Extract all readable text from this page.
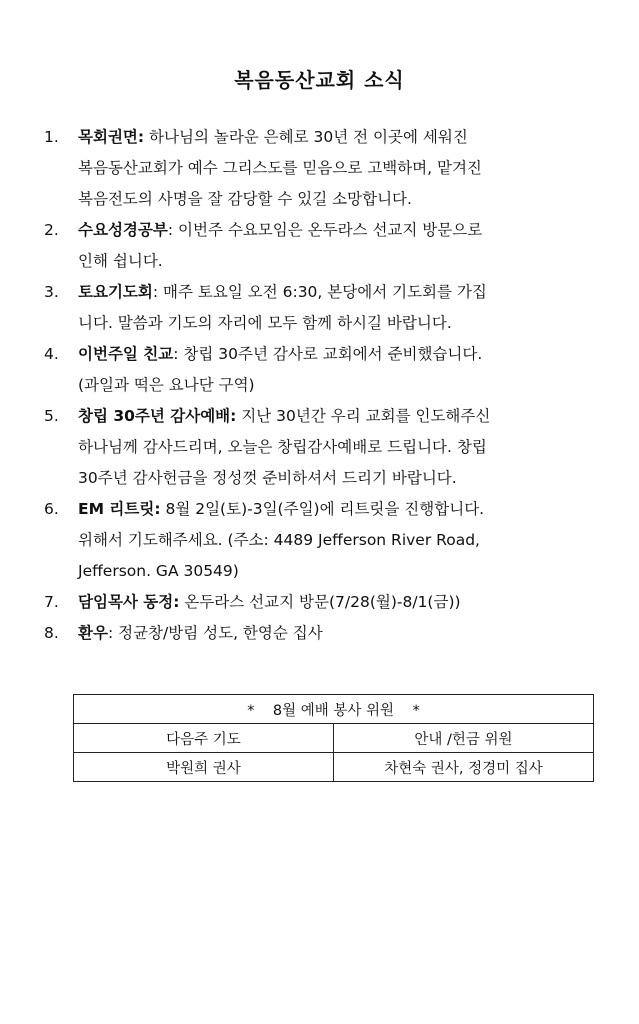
복음동산교회 소식
1. 목회권면: 하나님의 놀라운 은혜로 30년 전 이곳에 세워진
복음동산교회가 예수 그리스도를 믿음으로 고백하며, 맡겨진
복음전도의 사명을 잘 감당할 수 있길 소망합니다.
2. 수요성경공부: 이번주 수요모임은 온두라스 선교지 방문으로
인해 쉽니다.
3. 토요기도회: 매주 토요일 오전 6:30, 본당에서 기도회를 가집
니다. 말씀과 기도의 자리에 모두 함께 하시길 바랍니다.
4. 이번주일 친교: 창립 30주년 감사로 교회에서 준비했습니다.
(과일과 떡은 요나단 구역)
5. 창립 30주년 감사예배: 지난 30년간 우리 교회를 인도해주신
하나님께 감사드리며, 오늘은 창립감사예배로 드립니다. 창립
30주년 감사헌금을 정성껏 준비하셔서 드리기 바랍니다.
6. EM 리트릿: 8월 2일(토)-3일(주일)에 리트릿을 진행합니다.
위해서 기도해주세요. (주소: 4489 Jefferson River Road,
Jefferson. GA 30549)
7. 담임목사 동정: 온두라스 선교지 방문(7/28(월)-8/1(금))
8. 환우: 정균창/방림 성도, 한영순 집사
*    8월 예배 봉사 위원    *	
다음주 기도	안내 /헌금 위원
박원희 권사	차현숙 권사, 정경미 집사
